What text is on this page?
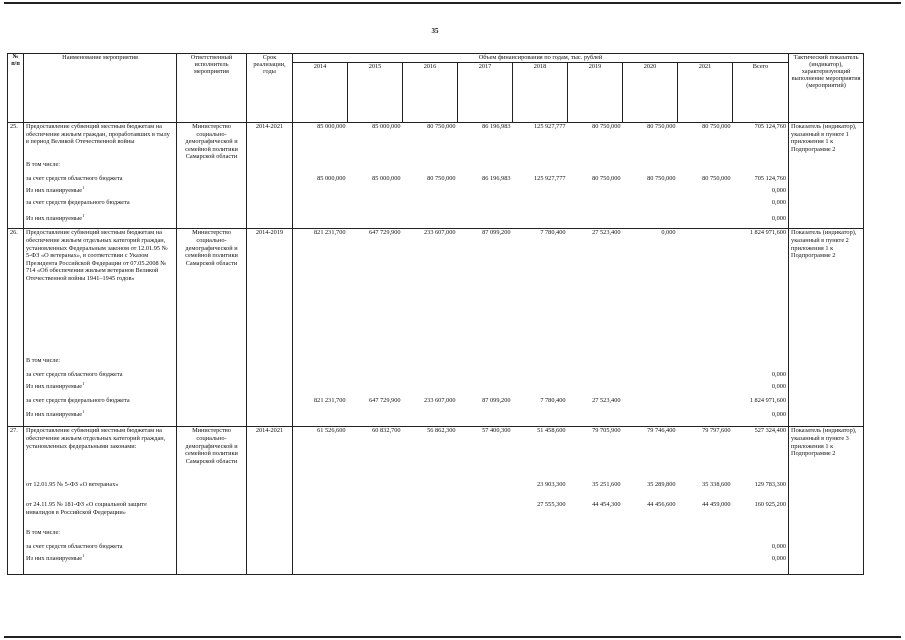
35
№ п/п	Наименование мероприятия	Ответственный исполнитель мероприятия	Срок реализации, годы	Объем финансирования по годам, тыс. рублей									Тактический показатель (индикатор), характеризующий выполнение мероприятия (мероприятий)
				2014	2015	2016	2017	2018	2019	2020	2021	Всего	
25.	Предоставление субвенций местным бюджетам на обеспечение жильем граждан, проработавших в тылу в период Великой Отечественной войны	Министерство социально-демографической и семейной политики Самарской области	2014-2021	85 000,000	85 000,000	80 750,000	86 196,983	125 927,777	80 750,000	80 750,000	80 750,000	705 124,760	Показатель (индикатор), указанный в пункте 1 приложения 1 к Подпрограмме 2
	В том числе:												
	за счет средств областного бюджета			85 000,000	85 000,000	80 750,000	86 196,983	125 927,777	80 750,000	80 750,000	80 750,000	705 124,760	
	Из них планируемые$^1$											0,000	
	за счет средств федерального бюджета											0,000	
	Из них планируемые$^1$											0,000	
26.	Предоставление субвенций местным бюджетам на обеспечение жильем отдельных категорий граждан, установленных Федеральным законом от 12.01.95 № 5-ФЗ «О ветеранах», в соответствии с Указом Президента Российской Федерации от 07.05.2008 № 714 «Об обеспечении жильем ветеранов Великой Отечественной войны 1941–1945 годов»	Министерство социально-демографической и семейной политики Самарской области	2014-2019	821 231,700	647 729,900	233 607,000	87 099,200	7 780,400	27 523,400	0,000		1 824 971,600	Показатель (индикатор), указанный в пункте 2 приложения 1 к Подпрограмме 2
	В том числе:												
	за счет средств областного бюджета											0,000	
	Из них планируемые$^1$											0,000	
	за счет средств федерального бюджета			821 231,700	647 729,900	233 607,000	87 099,200	7 780,400	27 523,400			1 824 971,600	
	Из них планируемые$^1$											0,000	
27.	Предоставление субвенций местным бюджетам на обеспечение жильем отдельных категорий граждан, установленных федеральными законами:	Министерство социально-демографической и семейной политики Самарской области	2014-2021	61 526,600	60 832,700	56 862,300	57 400,300	51 458,600	79 705,900	79 746,400	79 797,600	527 324,400	Показатель (индикатор), указанный в пункте 3 приложения 1 к Подпрограмме 2
	от 12.01.95 № 5-ФЗ «О ветеранах»							23 903,300	35 251,600	35 289,800	35 338,600	129 783,300	
	от 24.11.95 № 181-ФЗ «О социальной защите инвалидов в Российской Федерации»							27 555,300	44 454,300	44 456,600	44 459,000	160 925,200	
	В том числе:												
	за счет средств областного бюджета											0,000	
	Из них планируемые$^1$											0,000	
